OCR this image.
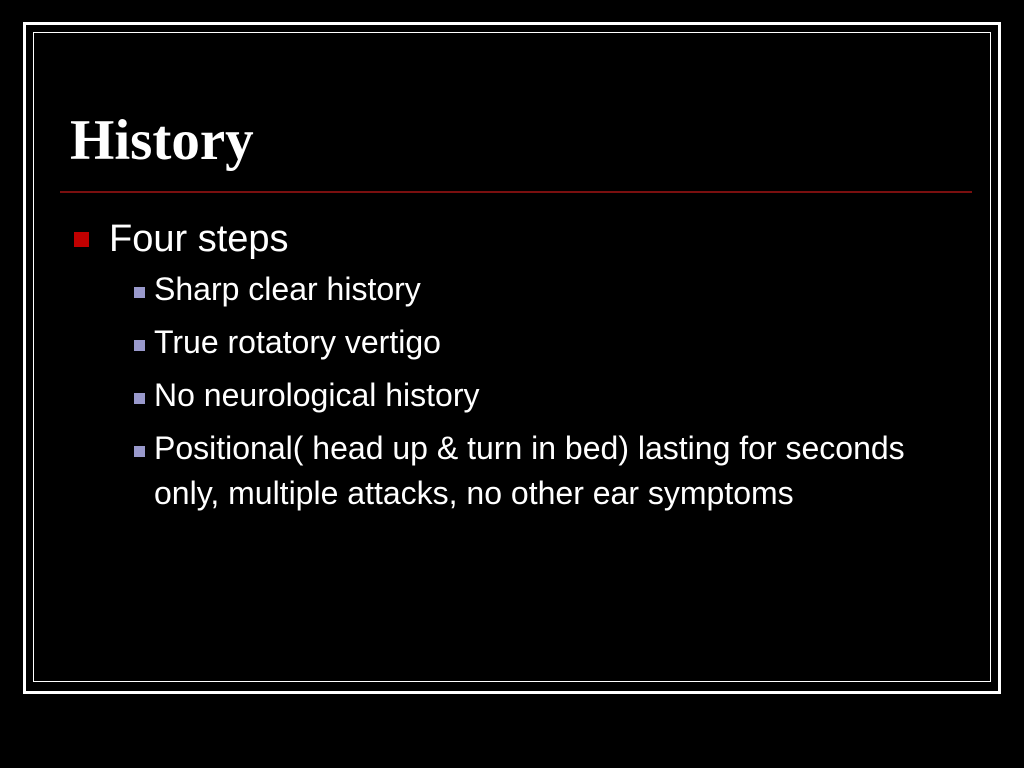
History
Four steps
Sharp clear history
True rotatory vertigo
No neurological history
Positional( head up & turn in bed) lasting for seconds only, multiple attacks, no other ear symptoms
